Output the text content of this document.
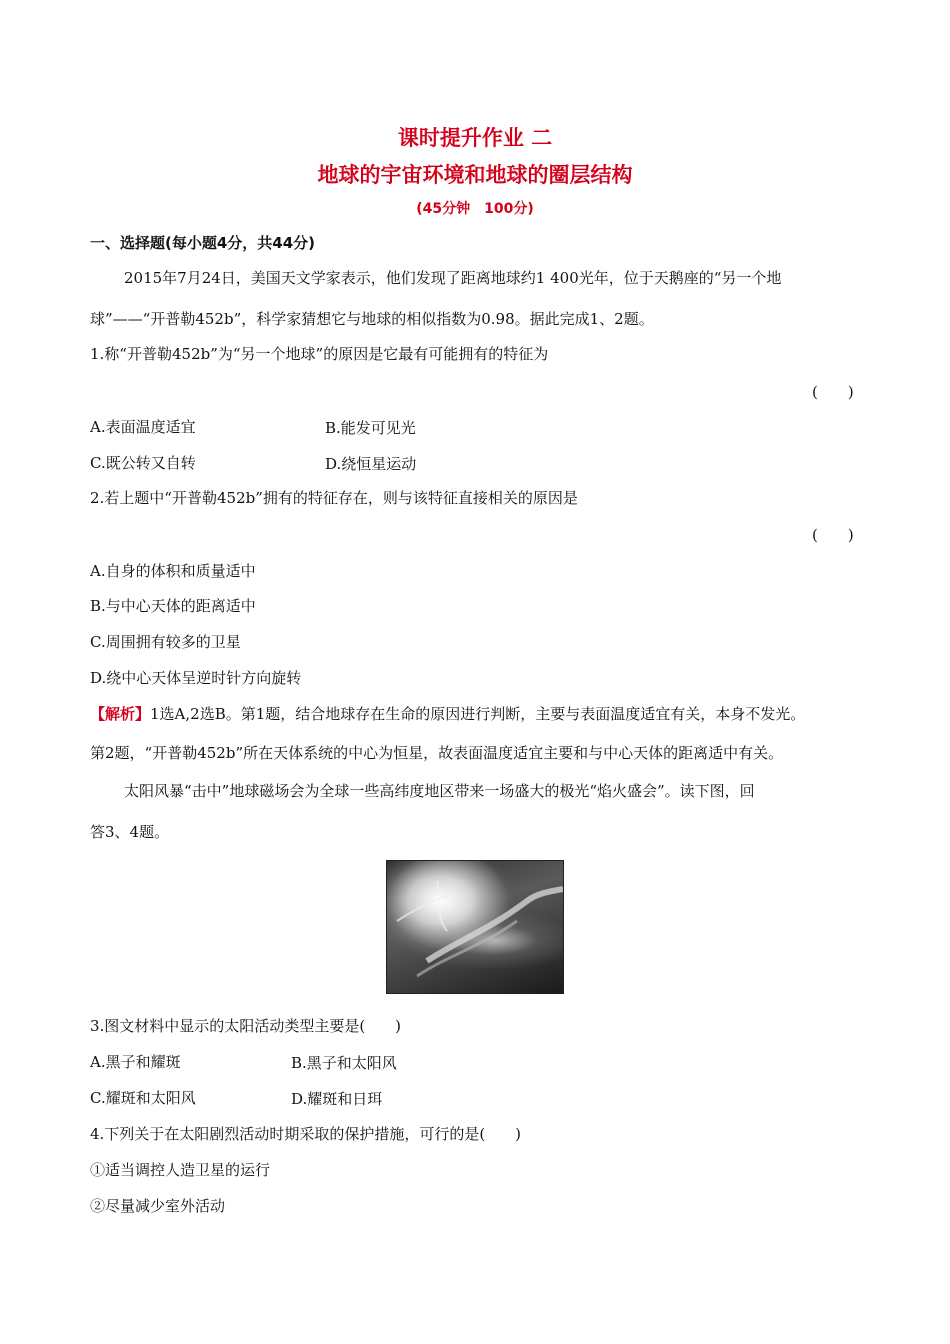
课时提升作业 二
地球的宇宙环境和地球的圈层结构
(45分钟　100分)
一、选择题(每小题4分，共44分)
2015年7月24日，美国天文学家表示，他们发现了距离地球约1 400光年，位于天鹅座的“另一个地
球”——“开普勒452b”，科学家猜想它与地球的相似指数为0.98。据此完成1、2题。
1.称“开普勒452b”为“另一个地球”的原因是它最有可能拥有的特征为
(　　)
A.表面温度适宜	B.能发可见光
C.既公转又自转	D.绕恒星运动
2.若上题中“开普勒452b”拥有的特征存在，则与该特征直接相关的原因是
(　　)
A.自身的体积和质量适中
B.与中心天体的距离适中
C.周围拥有较多的卫星
D.绕中心天体呈逆时针方向旋转
【解析】1选A,2选B。第1题，结合地球存在生命的原因进行判断，主要与表面温度适宜有关，本身不发光。
第2题，“开普勒452b”所在天体系统的中心为恒星，故表面温度适宜主要和与中心天体的距离适中有关。
太阳风暴“击中”地球磁场会为全球一些高纬度地区带来一场盛大的极光“焰火盛会”。读下图，回
答3、4题。
3.图文材料中显示的太阳活动类型主要是(　　)
A.黑子和耀斑	B.黑子和太阳风
C.耀斑和太阳风	D.耀斑和日珥
4.下列关于在太阳剧烈活动时期采取的保护措施，可行的是(　　)
①适当调控人造卫星的运行
②尽量减少室外活动
